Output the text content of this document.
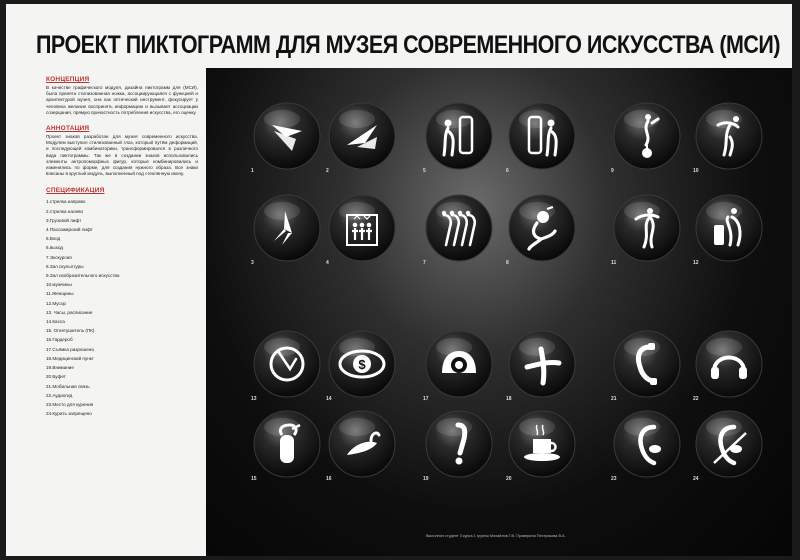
ПРОЕКТ ПИКТОГРАММ ДЛЯ МУЗЕЯ СОВРЕМЕННОГО ИСКУССТВА (МСИ)
КОНЦЕПЦИЯ
В качестве графического модуля, дизайна пиктограмм для (МСИ), была принята стилизованная ножка, ассоциирующаяся с функцией и архитектурой музея, она как оптический инструмент, фокусирует у человека желание воспринять информацию и вызывает ассоциации созерцания, прямую причастность потребления искусства, его оценку.
АННОТАЦИЯ
Проект знаков разработан для музея современного искусства. Модулем выступил стилизованный глаз, который путём деформаций, и последующей комбинаторики, трансформировался в различного вида пиктограммы. Так же в создании знаков использовались элементы антропоморфных фигур, которые комбинировались и изменялись по форме, для создания нужного образа. Все знаки вписаны в круглый модуль, выполненный под стеклянную икону.
СПЕЦИФИКАЦИЯ
1.стрелка направо
2.стрелка налево
3.Грузовой лифт
4.Пассажирский лифт
5.Вход
6.выход
7.Экскурсия
8.Зал скульптуры
9.Зал изобразительного искусства
10.мужчины
11.Женщины
12.Мусор
13. Часы, расписание
14.Касса
15. Огнетушитель (ПК)
16.Гардероб
17.Съёмка разрешена
18.Медицинский пункт
19.Внимание
20.Буфет
21.Мобильная связь
22.Аудиогид
23.Место для курения
24.Курить запрещено
1	2
3	4
5	6
7	8
9	10
11	12
13
$
14
15	16
17	18
19	20
21	22
23	24
Выполнил студент 3 курса 1 группы Михайлов Г.В. Проверила Пестрикова В.А.
